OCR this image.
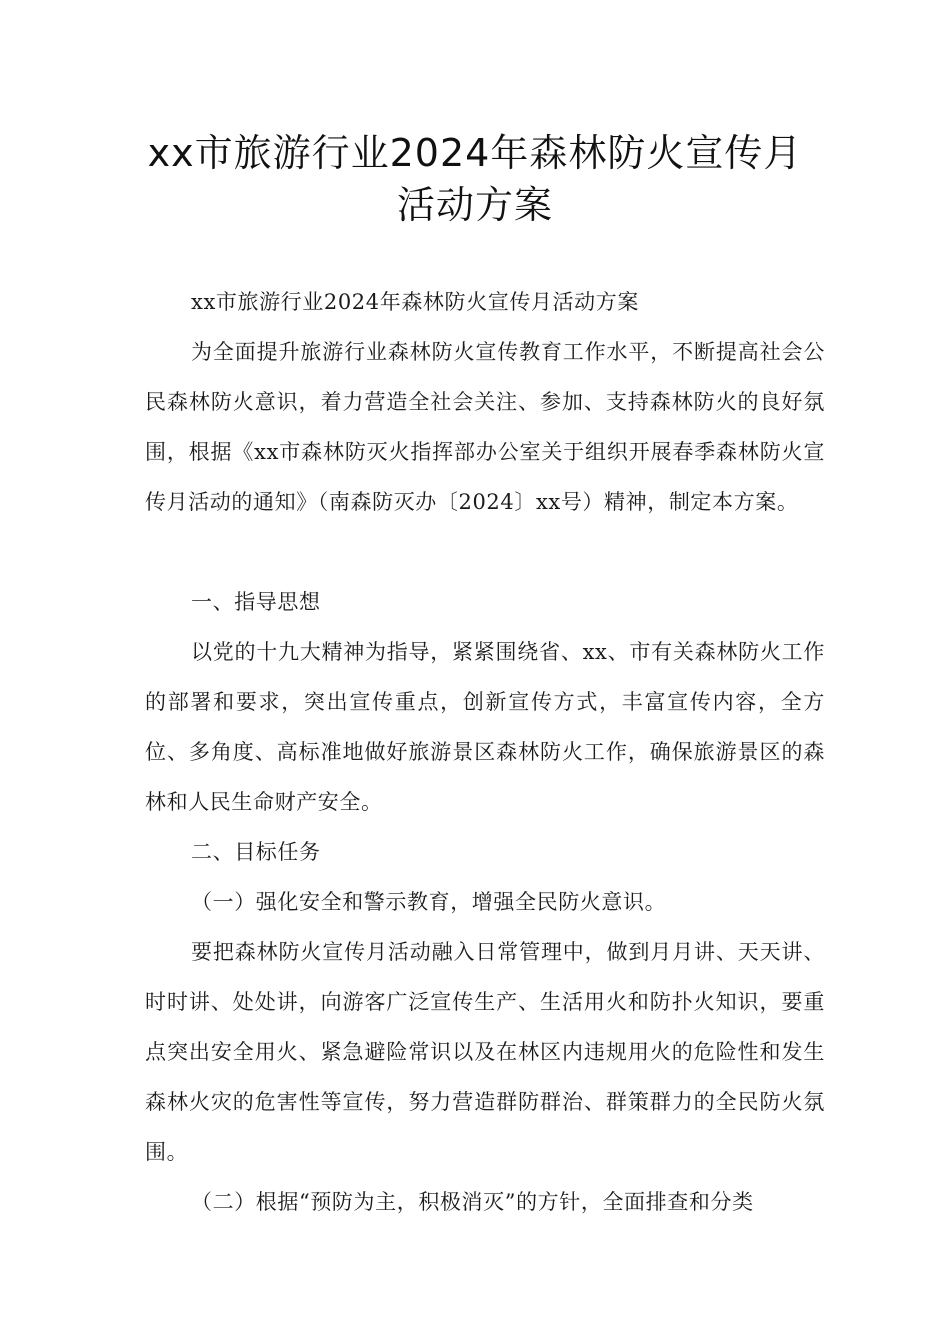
xx市旅游行业2024年森林防火宣传月
活动方案

xx市旅游行业2024年森林防火宣传月活动方案

为全面提升旅游行业森林防火宣传教育工作水平，不断提高社会公民森林防火意识，着力营造全社会关注、参加、支持森林防火的良好氛围，根据《xx市森林防灭火指挥部办公室关于组织开展春季森林防火宣传月活动的通知》（南森防灭办〔2024〕xx号）精神，制定本方案。

一、指导思想

以党的十九大精神为指导，紧紧围绕省、xx、市有关森林防火工作的部署和要求，突出宣传重点，创新宣传方式，丰富宣传内容，全方位、多角度、高标准地做好旅游景区森林防火工作，确保旅游景区的森林和人民生命财产安全。

二、目标任务

（一）强化安全和警示教育，增强全民防火意识。

要把森林防火宣传月活动融入日常管理中，做到月月讲、天天讲、时时讲、处处讲，向游客广泛宣传生产、生活用火和防扑火知识，要重点突出安全用火、紧急避险常识以及在林区内违规用火的危险性和发生森林火灾的危害性等宣传，努力营造群防群治、群策群力的全民防火氛围。

（二）根据“预防为主，积极消灭”的方针，全面排查和分类
